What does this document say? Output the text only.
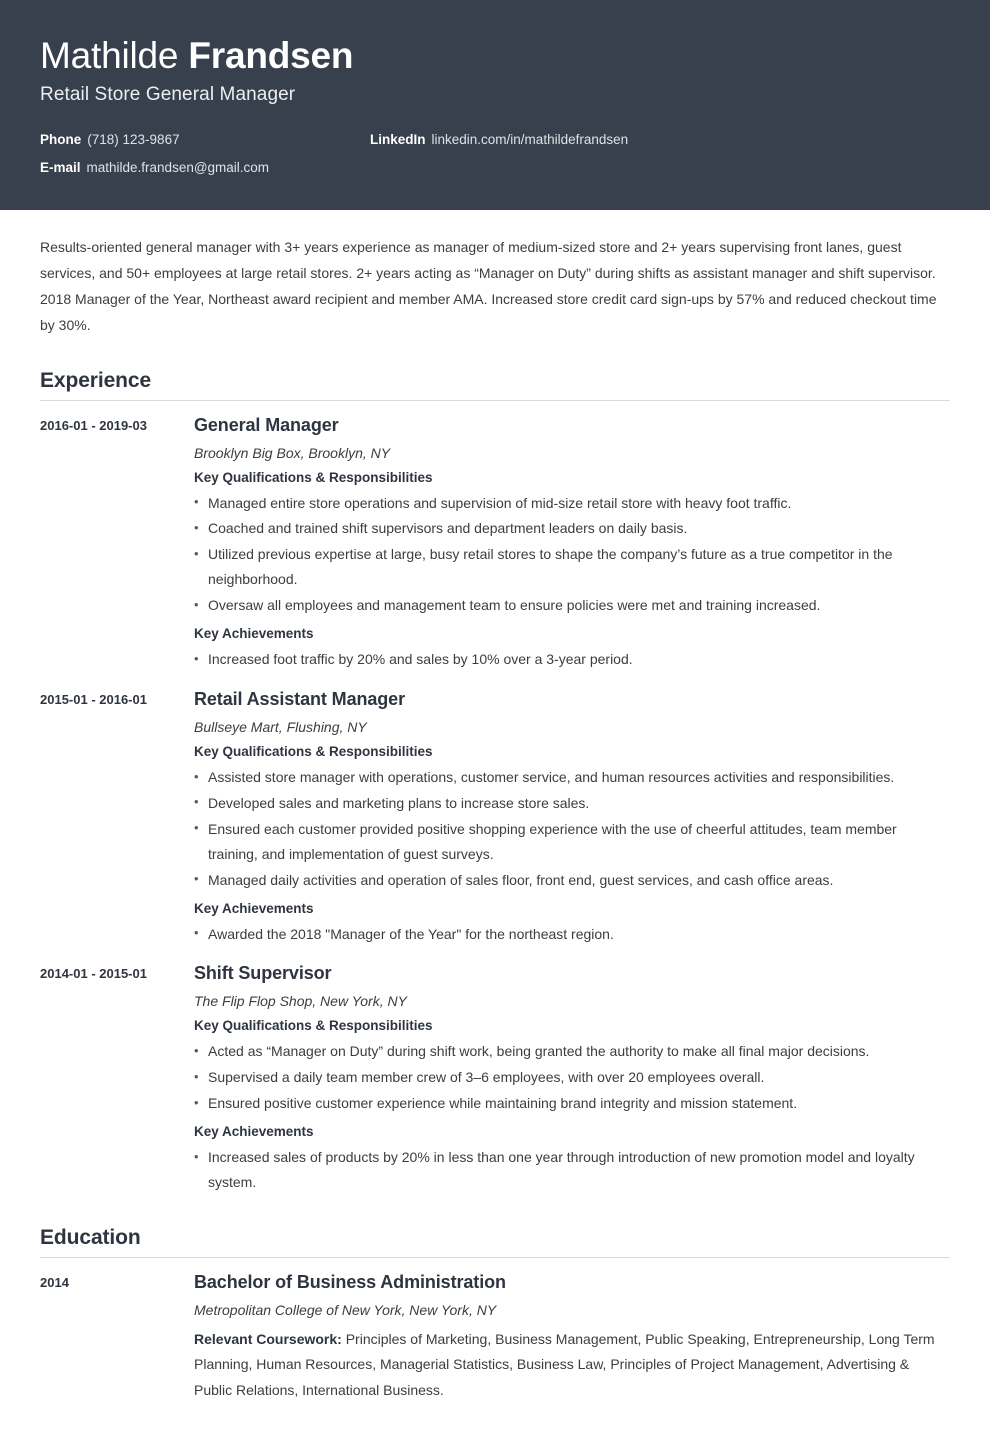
Mathilde Frandsen
Retail Store General Manager
Phone (718) 123-9867	LinkedIn linkedin.com/in/mathildefrandsen
E-mail mathilde.frandsen@gmail.com

Results-oriented general manager with 3+ years experience as manager of medium-sized store and 2+ years supervising front lanes, guest services, and 50+ employees at large retail stores. 2+ years acting as “Manager on Duty” during shifts as assistant manager and shift supervisor. 2018 Manager of the Year, Northeast award recipient and member AMA. Increased store credit card sign-ups by 57% and reduced checkout time by 30%.

Experience
2016-01 - 2019-03	General Manager
Brooklyn Big Box, Brooklyn, NY
Key Qualifications & Responsibilities
• Managed entire store operations and supervision of mid-size retail store with heavy foot traffic.
• Coached and trained shift supervisors and department leaders on daily basis.
• Utilized previous expertise at large, busy retail stores to shape the company’s future as a true competitor in the neighborhood.
• Oversaw all employees and management team to ensure policies were met and training increased.
Key Achievements
• Increased foot traffic by 20% and sales by 10% over a 3-year period.
2015-01 - 2016-01	Retail Assistant Manager
Bullseye Mart, Flushing, NY
Key Qualifications & Responsibilities
• Assisted store manager with operations, customer service, and human resources activities and responsibilities.
• Developed sales and marketing plans to increase store sales.
• Ensured each customer provided positive shopping experience with the use of cheerful attitudes, team member training, and implementation of guest surveys.
• Managed daily activities and operation of sales floor, front end, guest services, and cash office areas.
Key Achievements
• Awarded the 2018 "Manager of the Year" for the northeast region.
2014-01 - 2015-01	Shift Supervisor
The Flip Flop Shop, New York, NY
Key Qualifications & Responsibilities
• Acted as “Manager on Duty” during shift work, being granted the authority to make all final major decisions.
• Supervised a daily team member crew of 3–6 employees, with over 20 employees overall.
• Ensured positive customer experience while maintaining brand integrity and mission statement.
Key Achievements
• Increased sales of products by 20% in less than one year through introduction of new promotion model and loyalty system.
Education
2014	Bachelor of Business Administration
Metropolitan College of New York, New York, NY

Relevant Coursework: Principles of Marketing, Business Management, Public Speaking, Entrepreneurship, Long Term Planning, Human Resources, Managerial Statistics, Business Law, Principles of Project Management, Advertising & Public Relations, International Business.
